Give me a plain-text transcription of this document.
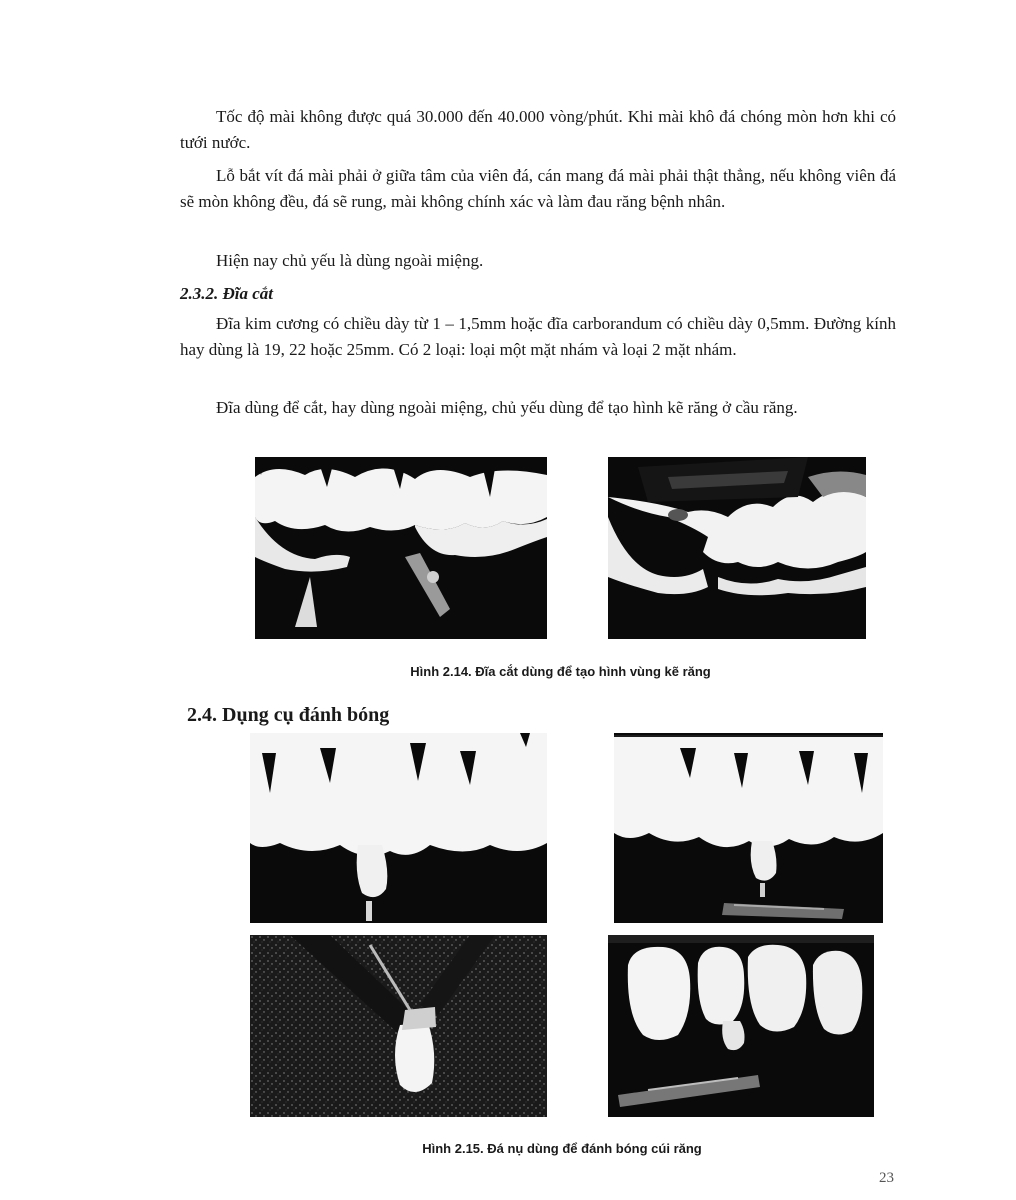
Tốc độ mài không được quá 30.000 đến 40.000 vòng/phút. Khi mài khô đá chóng mòn hơn khi có tưới nước.

Lỗ bắt vít đá mài phải ở giữa tâm của viên đá, cán mang đá mài phải thật thẳng, nếu không viên đá sẽ mòn không đều, đá sẽ rung, mài không chính xác và làm đau răng bệnh nhân.

Hiện nay chủ yếu là dùng ngoài miệng.

2.3.2. Đĩa cắt

Đĩa kim cương có chiều dày từ 1 – 1,5mm hoặc đĩa carborandum có chiều dày 0,5mm. Đường kính hay dùng là 19, 22 hoặc 25mm. Có 2 loại: loại một mặt nhám và loại 2 mặt nhám.

Đĩa dùng để cắt, hay dùng ngoài miệng, chủ yếu dùng để tạo hình kẽ răng ở cầu răng.

Hình 2.14. Đĩa cắt dùng để tạo hình vùng kẽ răng

2.4. Dụng cụ đánh bóng

Hình 2.15. Đá nụ dùng để đánh bóng cúi răng

23
